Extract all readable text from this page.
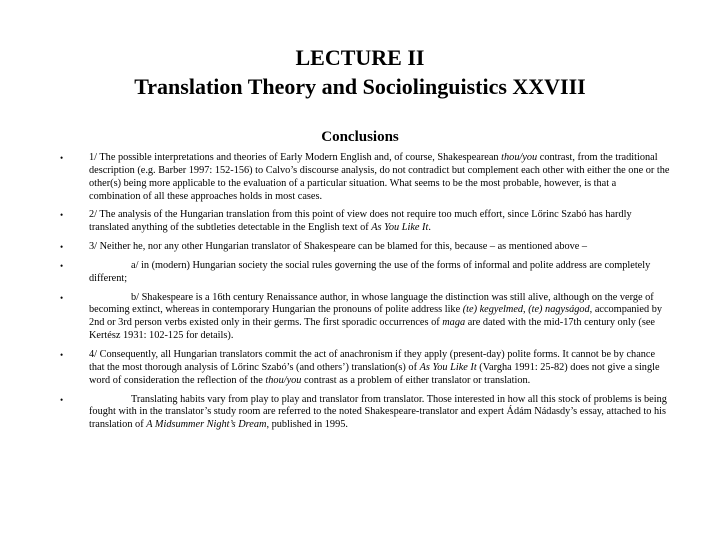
LECTURE II
Translation Theory and Sociolinguistics XXVIII
Conclusions
• 1/ The possible interpretations and theories of Early Modern English and, of course, Shakespearean thou/you contrast, from the traditional description (e.g. Barber 1997: 152-156) to Calvo’s discourse analysis, do not contradict but complement each other with either the one or the other(s) being more applicable to the evaluation of a particular situation. What seems to be the most probable, however, is that a combination of all these approaches holds in most cases.
• 2/ The analysis of the Hungarian translation from this point of view does not require too much effort, since Lőrinc Szabó has hardly translated anything of the subtleties detectable in the English text of As You Like It.
• 3/ Neither he, nor any other Hungarian translator of Shakespeare can be blamed for this, because – as mentioned above –
• a/ in (modern) Hungarian society the social rules governing the use of the forms of informal and polite address are completely different;
• b/ Shakespeare is a 16th century Renaissance author, in whose language the distinction was still alive, although on the verge of becoming extinct, whereas in contemporary Hungarian the pronouns of polite address like (te) kegyelmed, (te) nagyságod, accompanied by 2nd or 3rd person verbs existed only in their germs. The first sporadic occurrences of maga are dated with the mid-17th century only (see Kertész 1931: 102-125 for details).
• 4/ Consequently, all Hungarian translators commit the act of anachronism if they apply (present-day) polite forms. It cannot be by chance that the most thorough analysis of Lőrinc Szabó’s (and others’) translation(s) of As You Like It (Vargha 1991: 25-82) does not give a single word of consideration the reflection of the thou/you contrast as a problem of either translator or translation.
• Translating habits vary from play to play and translator from translator. Those interested in how all this stock of problems is being fought with in the translator’s study room are referred to the noted Shakespeare-translator and expert Ádám Nádasdy’s essay, attached to his translation of A Midsummer Night’s Dream, published in 1995.
